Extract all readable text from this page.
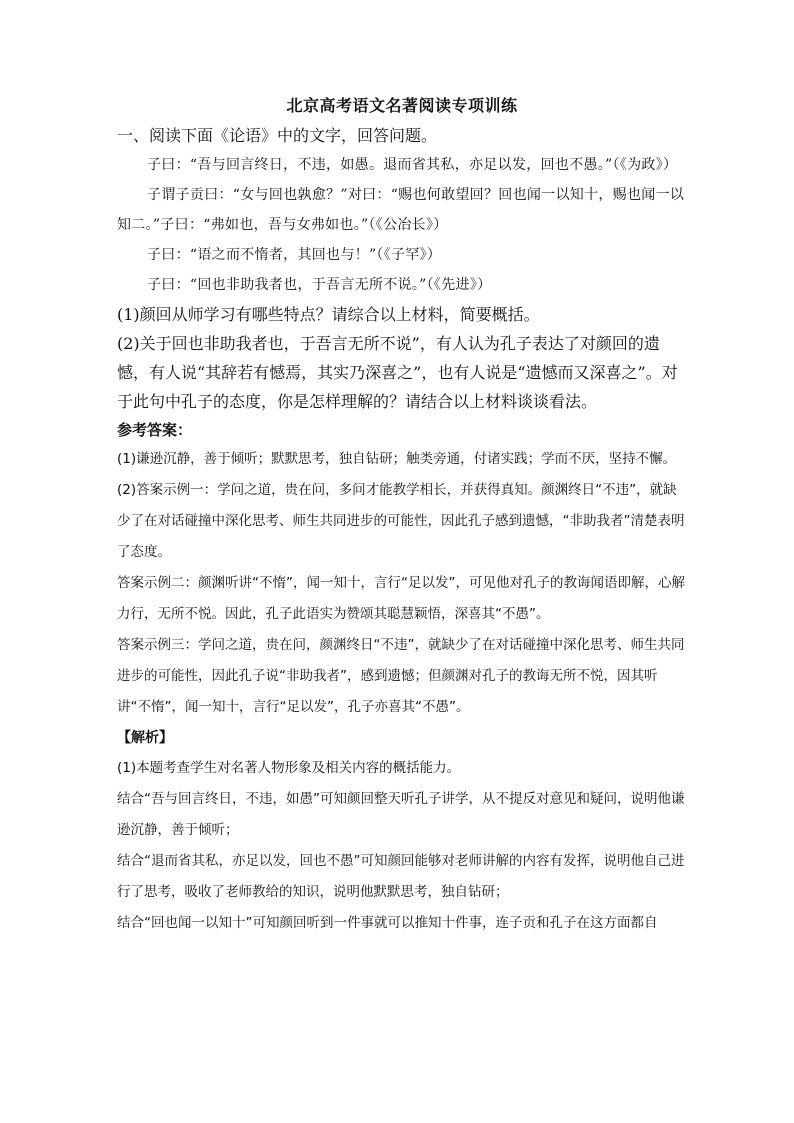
北京高考语文名著阅读专项训练

一、阅读下面《论语》中的文字，回答问题。

子曰：“吾与回言终日，不违，如愚。退而省其私，亦足以发，回也不愚。”（《为政》）

子谓子贡曰：“女与回也孰愈？”对曰：“赐也何敢望回？回也闻一以知十，赐也闻一以知二。”子曰：“弗如也，吾与女弗如也。”（《公冶长》）

子曰：“语之而不惰者，其回也与！”（《子罕》）

子曰：“回也非助我者也，于吾言无所不说。”（《先进》）

(1)颜回从师学习有哪些特点？请综合以上材料，简要概括。

(2)关于回也非助我者也，于吾言无所不说”，有人认为孔子表达了对颜回的遗憾，有人说“其辞若有憾焉，其实乃深喜之”，也有人说是“遗憾而又深喜之”。对于此句中孔子的态度，你是怎样理解的？请结合以上材料谈谈看法。

参考答案：

(1)谦逊沉静，善于倾听；默默思考，独自钻研；触类旁通，付诸实践；学而不厌，坚持不懈。

(2)答案示例一：学问之道，贵在问，多问才能教学相长，并获得真知。颜渊终日“不违”，就缺少了在对话碰撞中深化思考、师生共同进步的可能性，因此孔子感到遗憾，“非助我者”清楚表明了态度。

答案示例二：颜渊听讲“不惰”，闻一知十，言行“足以发”，可见他对孔子的教诲闻语即解，心解力行，无所不悦。因此，孔子此语实为赞颂其聪慧颖悟，深喜其“不愚”。

答案示例三：学问之道，贵在问，颜渊终日“不违”，就缺少了在对话碰撞中深化思考、师生共同进步的可能性，因此孔子说“非助我者”，感到遗憾；但颜渊对孔子的教诲无所不悦，因其听讲“不惰”，闻一知十，言行“足以发”，孔子亦喜其“不愚”。

【解析】

(1)本题考查学生对名著人物形象及相关内容的概括能力。

结合“吾与回言终日，不违，如愚”可知颜回整天听孔子讲学，从不提反对意见和疑问，说明他谦逊沉静，善于倾听；

结合“退而省其私，亦足以发，回也不愚”可知颜回能够对老师讲解的内容有发挥，说明他自己进行了思考，吸收了老师教给的知识，说明他默默思考，独自钻研；

结合“回也闻一以知十”可知颜回听到一件事就可以推知十件事，连子贡和孔子在这方面都自
